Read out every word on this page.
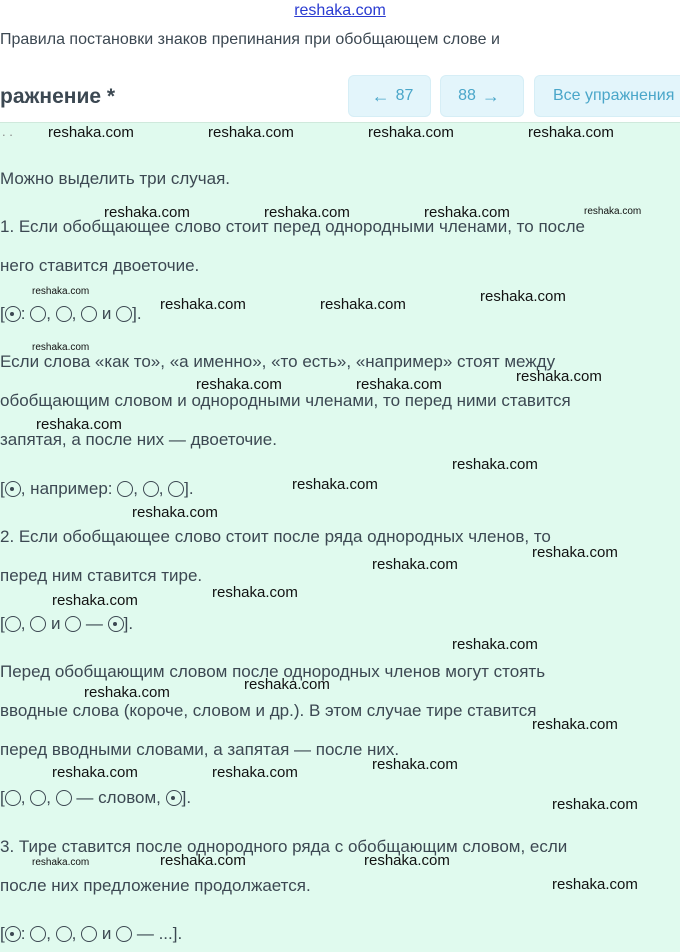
reshaka.com
Правила постановки знаков препинания при обобщающем слове и
ражнение *	← 87	88 →	Все упражнения
. .
Можно выделить три случая.
1. Если обобщающее слово стоит перед однородными членами, то после
него ставится двоеточие.
[ : , , и ].
Если слова «как то», «а именно», «то есть», «например» стоят между
обобщающим словом и однородными членами, то перед ними ставится
запятая, а после них — двоеточие.
[ , например: , , ].
2. Если обобщающее слово стоит после ряда однородных членов, то
перед ним ставится тире.
[ , и — ].
Перед обобщающим словом после однородных членов могут стоять
вводные слова (короче, словом и др.). В этом случае тире ставится
перед вводными словами, а запятая — после них.
[ , , — словом, ].
3. Тире ставится после однородного ряда с обобщающим словом, если
после них предложение продолжается.
[ : , , и — ...].
reshaka.com	reshaka.com	reshaka.com	reshaka.com
reshaka.com	reshaka.com	reshaka.com	reshaka.com
reshaka.com
reshaka.com	reshaka.com	reshaka.com
reshaka.com
reshaka.com	reshaka.com	reshaka.com
reshaka.com
reshaka.com
reshaka.com
reshaka.com
reshaka.com
reshaka.com
reshaka.com
reshaka.com
reshaka.com
reshaka.com
reshaka.com
reshaka.com
reshaka.com
reshaka.com	reshaka.com
reshaka.com
reshaka.com	reshaka.com	reshaka.com
reshaka.com
